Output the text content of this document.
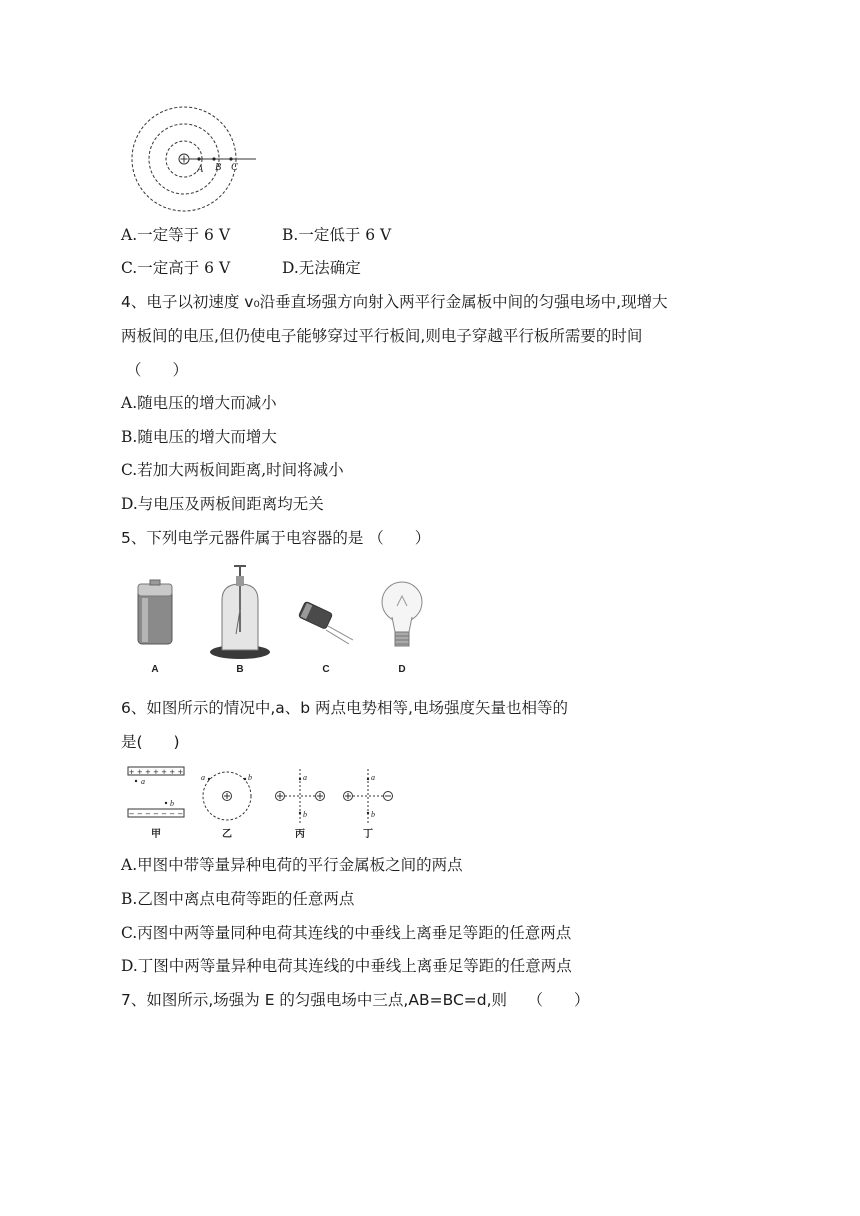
A B C
A.一定等于 6 V	B.一定低于 6 V
C.一定高于 6 V	D.无法确定
4、电子以初速度 v₀沿垂直场强方向射入两平行金属板中间的匀强电场中,现增大
两板间的电压,但仍使电子能够穿过平行板间,则电子穿越平行板所需要的时间
（　　）
A.随电压的增大而减小
B.随电压的增大而增大
C.若加大两板间距离,时间将减小
D.与电压及两板间距离均无关
5、下列电学元器件属于电容器的是 （　　）
A	B	C	D
6、如图所示的情况中,a、b 两点电势相等,电场强度矢量也相等的
是(　　)
+ + + + + + +
− − − − − − −
a
b
a	b	a
b
a
b
甲	乙	丙	丁
A.甲图中带等量异种电荷的平行金属板之间的两点
B.乙图中离点电荷等距的任意两点
C.丙图中两等量同种电荷其连线的中垂线上离垂足等距的任意两点
D.丁图中两等量异种电荷其连线的中垂线上离垂足等距的任意两点
7、如图所示,场强为 E 的匀强电场中三点,AB=BC=d,则　 （　　）
